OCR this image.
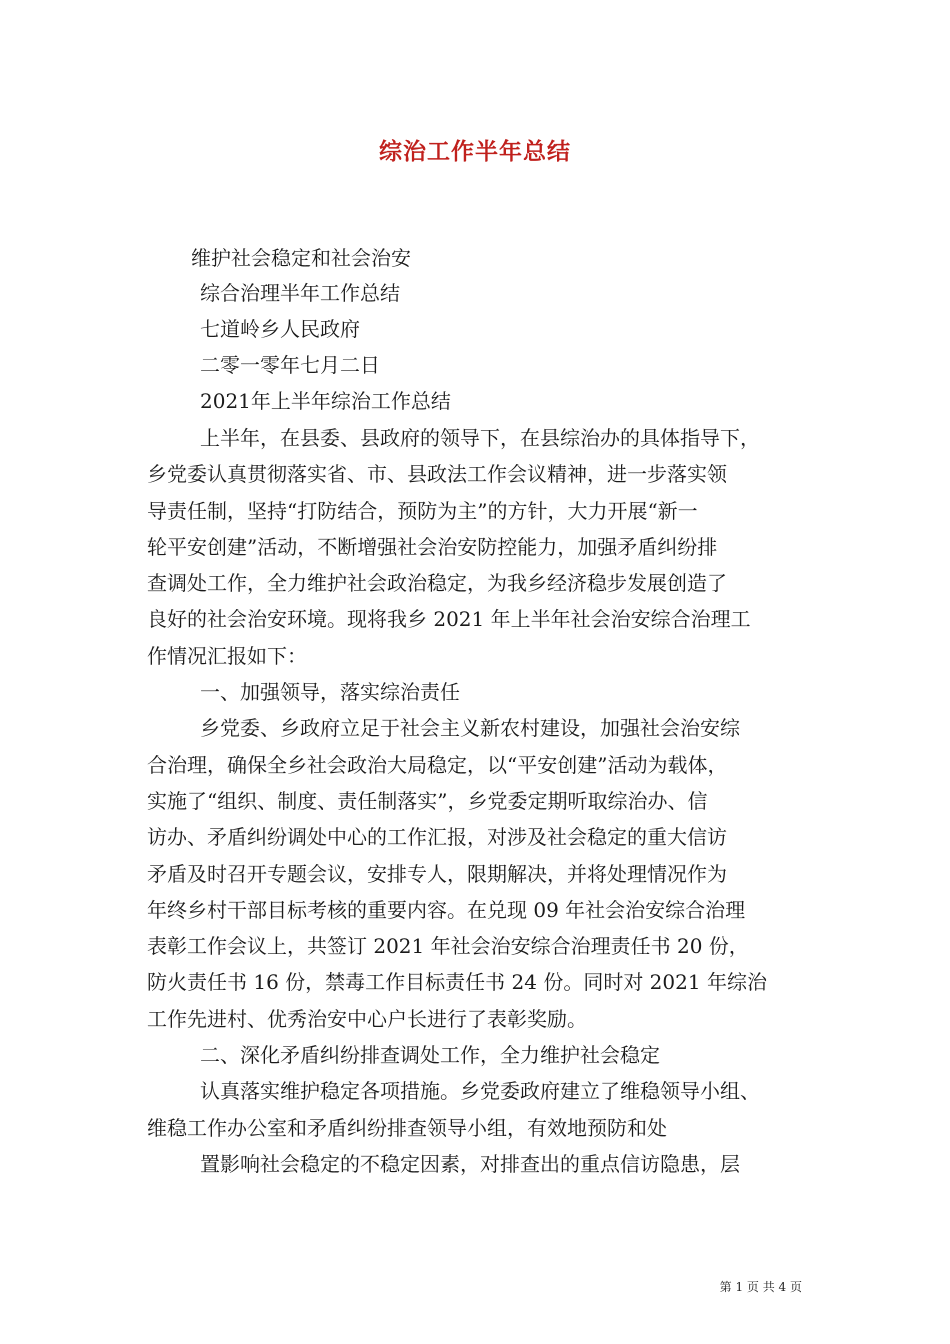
综治工作半年总结
维护社会稳定和社会治安
综合治理半年工作总结
七道岭乡人民政府
二零一零年七月二日
2021年上半年综治工作总结
上半年，在县委、县政府的领导下，在县综治办的具体指导下，
乡党委认真贯彻落实省、市、县政法工作会议精神，进一步落实领
导责任制，坚持“打防结合，预防为主”的方针，大力开展“新一
轮平安创建”活动，不断增强社会治安防控能力，加强矛盾纠纷排
查调处工作，全力维护社会政治稳定，为我乡经济稳步发展创造了
良好的社会治安环境。现将我乡 2021 年上半年社会治安综合治理工
作情况汇报如下：
一、加强领导，落实综治责任
乡党委、乡政府立足于社会主义新农村建设，加强社会治安综
合治理，确保全乡社会政治大局稳定，以“平安创建”活动为载体，
实施了“组织、制度、责任制落实”，乡党委定期听取综治办、信
访办、矛盾纠纷调处中心的工作汇报，对涉及社会稳定的重大信访
矛盾及时召开专题会议，安排专人，限期解决，并将处理情况作为
年终乡村干部目标考核的重要内容。在兑现 09 年社会治安综合治理
表彰工作会议上，共签订 2021 年社会治安综合治理责任书 20 份，
防火责任书 16 份，禁毒工作目标责任书 24 份。同时对 2021 年综治
工作先进村、优秀治安中心户长进行了表彰奖励。
二、深化矛盾纠纷排查调处工作，全力维护社会稳定
认真落实维护稳定各项措施。乡党委政府建立了维稳领导小组、
维稳工作办公室和矛盾纠纷排查领导小组，有效地预防和处
置影响社会稳定的不稳定因素，对排查出的重点信访隐患，层
第 1 页 共 4 页
